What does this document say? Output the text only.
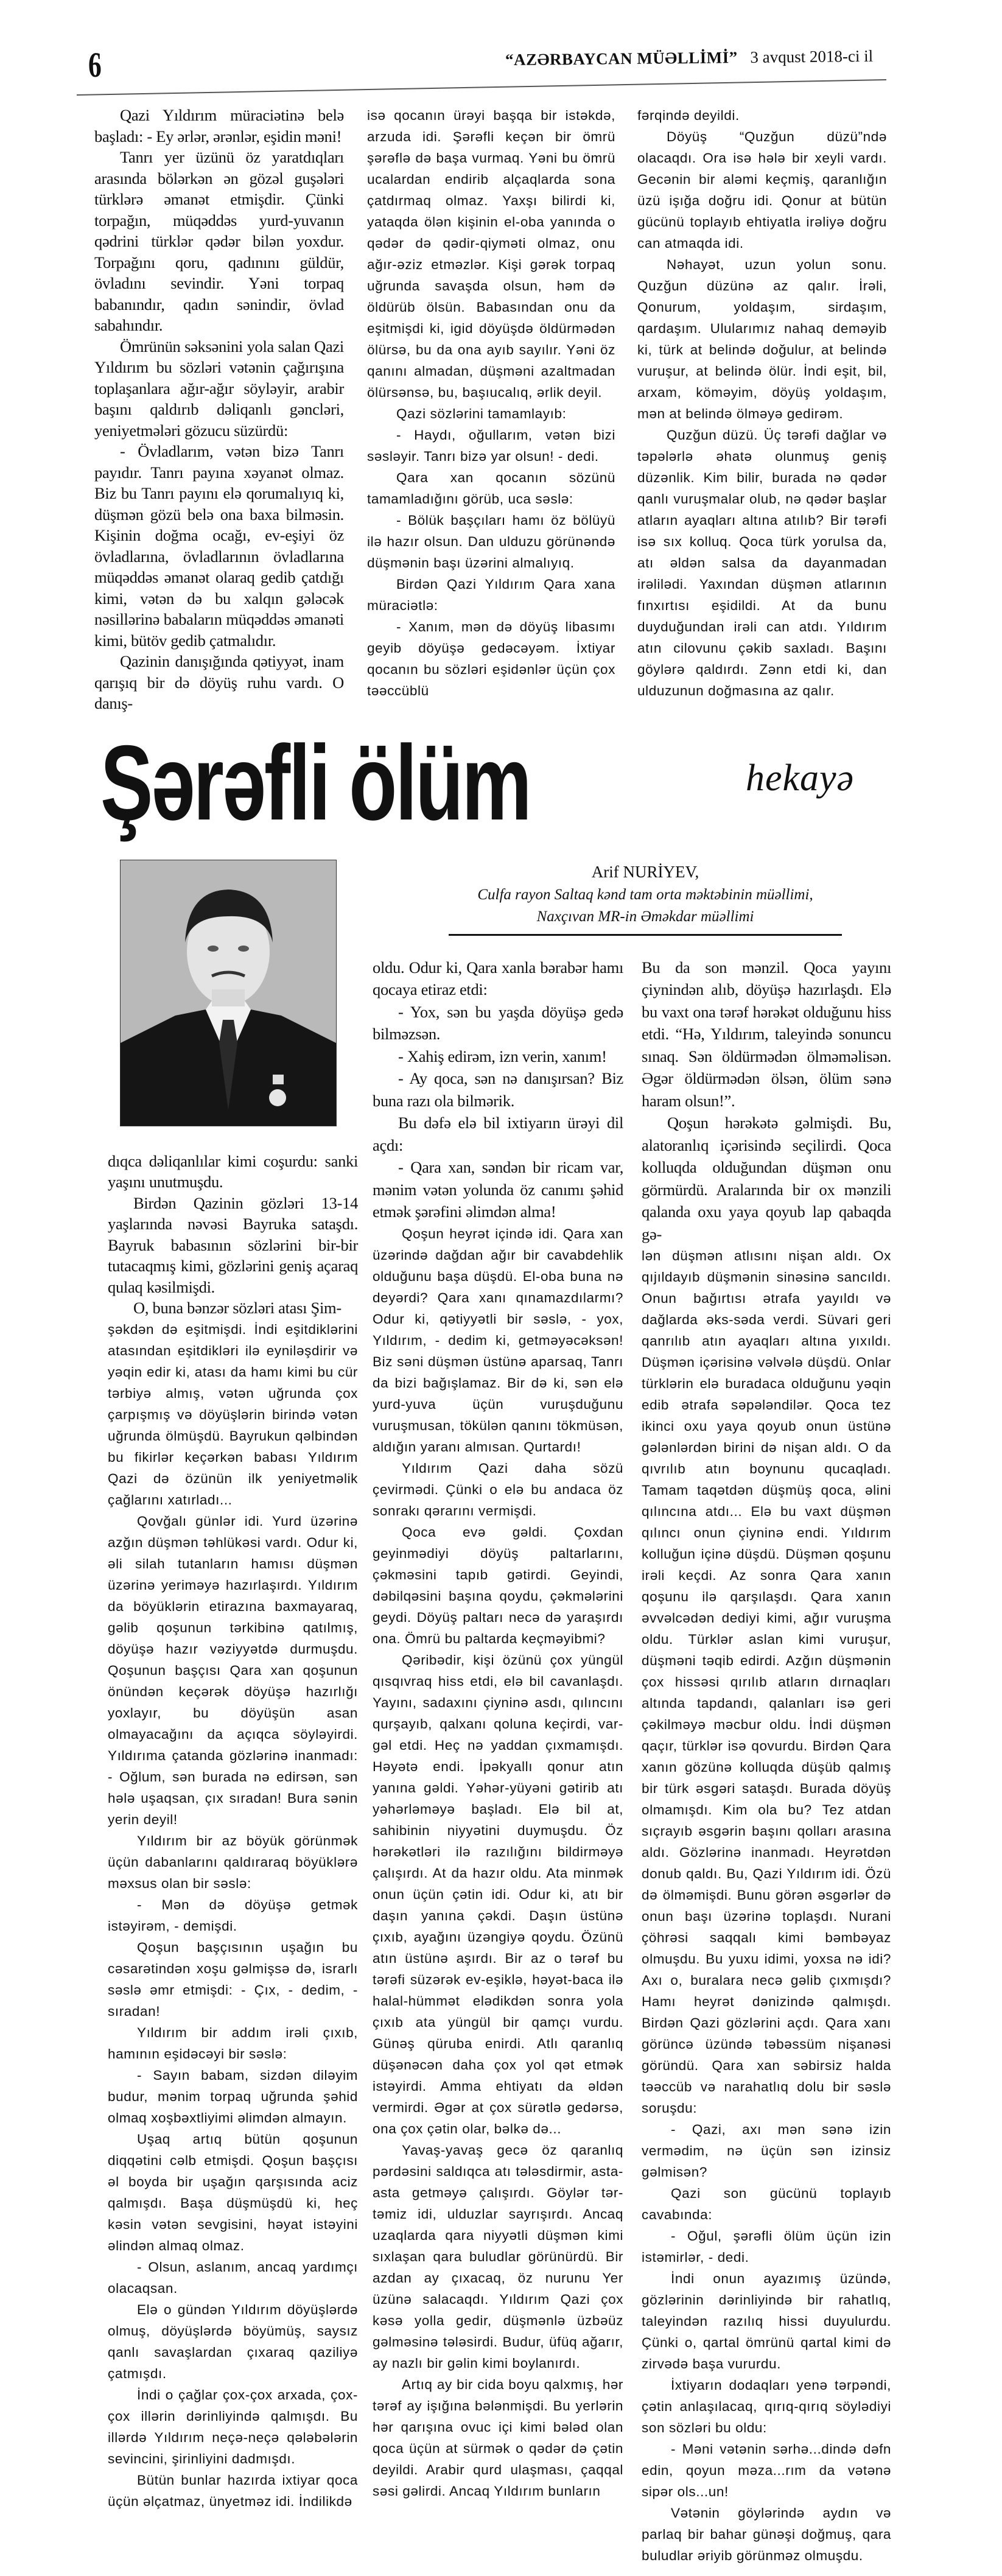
6	“AZƏRBAYCAN MÜƏLLİMİ” 3 avqust 2018-ci il

Qazi Yıldırım müraciətinə belə başladı: - Ey ərlər, ərənlər, eşidin məni!

Tanrı yer üzünü öz yaratdıqları arasında bölərkən ən gözəl guşələri türklərə əmanət etmişdir. Çünki torpağın, müqəddəs yurd-yuvanın qədrini türklər qədər bilən yoxdur. Torpağını qoru, qadınını güldür, övladını sevindir. Yəni torpaq babanındır, qadın sənindir, övlad sabahındır.

Ömrünün səksənini yola salan Qazi Yıldırım bu sözləri vətənin çağırışına toplaşanlara ağır-ağır söyləyir, arabir başını qaldırıb dəliqanlı gəncləri, yeniyetmələri gözucu süzürdü:

- Övladlarım, vətən bizə Tanrı payıdır. Tanrı payına xəyanət olmaz. Biz bu Tanrı payını elə qorumalıyıq ki, düşmən gözü belə ona baxa bilməsin. Kişinin doğma ocağı, ev-eşiyi öz övladlarına, övladlarının övladlarına müqəddəs əmanət olaraq gedib çatdığı kimi, vətən də bu xalqın gələcək nəsillərinə babaların müqəddəs əmanəti kimi, bütöv gedib çatmalıdır.

Qazinin danışığında qətiyyət, inam qarışıq bir də döyüş ruhu vardı. O danış-

isə qocanın ürəyi başqa bir istəkdə, arzuda idi. Şərəfli keçən bir ömrü şərəflə də başa vurmaq. Yəni bu ömrü ucalardan endirib alçaqlarda sona çatdırmaq olmaz. Yaxşı bilirdi ki, yataqda ölən kişinin el-oba yanında o qədər də qədir-qiyməti olmaz, onu ağır-əziz etməzlər. Kişi gərək torpaq uğrunda savaşda olsun, həm də öldürüb ölsün. Babasından onu da eşitmişdi ki, igid döyüşdə öldürmədən ölürsə, bu da ona ayıb sayılır. Yəni öz qanını almadan, düşməni azaltmadan ölürsənsə, bu, başıucalıq, ərlik deyil.

Qazi sözlərini tamamlayıb:

- Haydı, oğullarım, vətən bizi səsləyir. Tanrı bizə yar olsun! - dedi.

Qara xan qocanın sözünü tamamladığını görüb, uca səslə:

- Bölük başçıları hamı öz bölüyü ilə hazır olsun. Dan ulduzu görünəndə düşmənin başı üzərini almalıyıq.

Birdən Qazi Yıldırım Qara xana müraciətlə:

- Xanım, mən də döyüş libasımı geyib döyüşə gedəcəyəm. İxtiyar qocanın bu sözləri eşidənlər üçün çox təəccüblü

fərqində deyildi.

Döyüş “Quzğun düzü”ndə olacaqdı. Ora isə hələ bir xeyli vardı. Gecənin bir aləmi keçmiş, qaranlığın üzü işığa doğru idi. Qonur at bütün gücünü toplayıb ehtiyatla irəliyə doğru can atmaqda idi.

Nəhayət, uzun yolun sonu. Quzğun düzünə az qalır. İrəli, Qonurum, yoldaşım, sirdaşım, qardaşım. Ulularımız nahaq deməyib ki, türk at belində doğulur, at belində vuruşur, at belində ölür. İndi eşit, bil, arxam, köməyim, döyüş yoldaşım, mən at belində ölməyə gedirəm.

Quzğun düzü. Üç tərəfi dağlar və təpələrlə əhatə olunmuş geniş düzənlik. Kim bilir, burada nə qədər qanlı vuruşmalar olub, nə qədər başlar atların ayaqları altına atılıb? Bir tərəfi isə sıx kolluq. Qoca türk yorulsa da, atı əldən salsa da dayanmadan irəlilədi. Yaxından düşmən atlarının fınxırtısı eşidildi. At da bunu duyduğundan irəli can atdı. Yıldırım atın cilovunu çəkib saxladı. Başını göylərə qaldırdı. Zənn etdi ki, dan ulduzunun doğmasına az qalır.

Şərəfli ölüm	hekayə

dıqca dəliqanlılar kimi coşurdu: sanki yaşını unutmuşdu.

Birdən Qazinin gözləri 13-14 yaşlarında nəvəsi Bayruka sataşdı. Bayruk babasının sözlərini bir-bir tutacaqmış kimi, gözlərini geniş açaraq qulaq kəsilmişdi.

O, buna bənzər sözləri atası Şim-

şəkdən də eşitmişdi. İndi eşitdiklərini atasından eşitdikləri ilə eyniləşdirir və yəqin edir ki, atası da hamı kimi bu cür tərbiyə almış, vətən uğrunda çox çarpışmış və döyüşlərin birində vətən uğrunda ölmüşdü. Bayrukun qəlbindən bu fikirlər keçərkən babası Yıldırım Qazi də özünün ilk yeniyetməlik çağlarını xatırladı...

Qovğalı günlər idi. Yurd üzərinə azğın düşmən təhlükəsi vardı. Odur ki, əli silah tutanların hamısı düşmən üzərinə yeriməyə hazırlaşırdı. Yıldırım da böyüklərin etirazına baxmayaraq, gəlib qoşunun tərkibinə qatılmış, döyüşə hazır vəziyyətdə durmuşdu. Qoşunun başçısı Qara xan qoşunun önündən keçərək döyüşə hazırlığı yoxlayır, bu döyüşün asan olmayacağını da açıqca söyləyirdi. Yıldırıma çatanda gözlərinə inanmadı: - Oğlum, sən burada nə edirsən, sən hələ uşaqsan, çıx sıradan! Bura sənin yerin deyil!

Yıldırım bir az böyük görünmək üçün dabanlarını qaldıraraq böyüklərə məxsus olan bir səslə:

- Mən də döyüşə getmək istəyirəm, - demişdi.

Qoşun başçısının uşağın bu cəsarətindən xoşu gəlmişsə də, israrlı səslə əmr etmişdi: - Çıx, - dedim, - sıradan!

Yıldırım bir addım irəli çıxıb, hamının eşidəcəyi bir səslə:

- Sayın babam, sizdən diləyim budur, mənim torpaq uğrunda şəhid olmaq xoşbəxtliyimi əlimdən almayın.

Uşaq artıq bütün qoşunun diqqətini cəlb etmişdi. Qoşun başçısı əl boyda bir uşağın qarşısında aciz qalmışdı. Başa düşmüşdü ki, heç kəsin vətən sevgisini, həyat istəyini əlindən almaq olmaz.

- Olsun, aslanım, ancaq yardımçı olacaqsan.

Elə o gündən Yıldırım döyüşlərdə olmuş, döyüşlərdə böyümüş, saysız qanlı savaşlardan çıxaraq qaziliyə çatmışdı.

İndi o çağlar çox-çox arxada, çox-çox illərin dərinliyində qalmışdı. Bu illərdə Yıldırım neçə-neçə qələbələrin sevincini, şirinliyini dadmışdı.

Bütün bunlar hazırda ixtiyar qoca üçün əlçatmaz, ünyetməz idi. İndilikdə

Arif NURİYEV,
Culfa rayon Saltaq kənd tam orta məktəbinin müəllimi,
Naxçıvan MR-in Əməkdar müəllimi

oldu. Odur ki, Qara xanla bərabər hamı qocaya etiraz etdi:

- Yox, sən bu yaşda döyüşə gedə bilməzsən.

- Xahiş edirəm, izn verin, xanım!

- Ay qoca, sən nə danışırsan? Biz buna razı ola bilmərik.

Bu dəfə elə bil ixtiyarın ürəyi dil açdı:

- Qara xan, səndən bir ricam var, mənim vətən yolunda öz canımı şəhid etmək şərəfini əlimdən alma!

Qoşun heyrət içində idi. Qara xan üzərində dağdan ağır bir cavabdehlik olduğunu başa düşdü. El-oba buna nə deyərdi? Qara xanı qınamazdılarmı? Odur ki, qətiyyətli bir səslə, - yox, Yıldırım, - dedim ki, getməyəcəksən! Biz səni düşmən üstünə aparsaq, Tanrı da bizi bağışlamaz. Bir də ki, sən elə yurd-yuva üçün vuruşduğunu vuruşmusan, tökülən qanını tökmüsən, aldığın yaranı almısan. Qurtardı!

Yıldırım Qazi daha sözü çevirmədi. Çünki o elə bu andaca öz sonrakı qərarını vermişdi.

Qoca evə gəldi. Çoxdan geyinmədiyi döyüş paltarlarını, çəkməsini tapıb gətirdi. Geyindi, dəbilqəsini başına qoydu, çəkmələrini geydi. Döyüş paltarı necə də yaraşırdı ona. Ömrü bu paltarda keçməyibmi?

Qəribədir, kişi özünü çox yüngül qısqıvraq hiss etdi, elə bil cavanlaşdı. Yayını, sadaxını çiyninə asdı, qılıncını qurşayıb, qalxanı qoluna keçirdi, var-gəl etdi. Heç nə yaddan çıxmamışdı. Həyətə endi. İpəkyallı qonur atın yanına gəldi. Yəhər-yüyəni gətirib atı yəhərləməyə başladı. Elə bil at, sahibinin niyyətini duymuşdu. Öz hərəkətləri ilə razılığını bildirməyə çalışırdı. At da hazır oldu. Ata minmək onun üçün çətin idi. Odur ki, atı bir daşın yanına çəkdi. Daşın üstünə çıxıb, ayağını üzəngiyə qoydu. Özünü atın üstünə aşırdı. Bir az o tərəf bu tərəfi süzərək ev-eşiklə, həyət-baca ilə halal-hümmət elədikdən sonra yola çıxıb ata yüngül bir qamçı vurdu. Günəş qüruba enirdi. Atlı qaranlıq düşənəcən daha çox yol qət etmək istəyirdi. Amma ehtiyatı da əldən vermirdi. Əgər at çox sürətlə gedərsə, ona çox çətin olar, bəlkə də...

Yavaş-yavaş gecə öz qaranlıq pərdəsini saldıqca atı tələsdirmir, asta-asta getməyə çalışırdı. Göylər tər-təmiz idi, ulduzlar sayrışırdı. Ancaq uzaqlarda qara niyyətli düşmən kimi sıxlaşan qara buludlar görünürdü. Bir azdan ay çıxacaq, öz nurunu Yer üzünə salacaqdı. Yıldırım Qazi çox kəsə yolla gedir, düşmənlə üzbəüz gəlməsinə tələsirdi. Budur, üfüq ağarır, ay nazlı bir gəlin kimi boylanırdı.

Artıq ay bir cida boyu qalxmış, hər tərəf ay işığına bələnmişdi. Bu yerlərin hər qarışına ovuc içi kimi bələd olan qoca üçün at sürmək o qədər də çətin deyildi. Arabir qurd ulaşması, çaqqal səsi gəlirdi. Ancaq Yıldırım bunların

Bu da son mənzil. Qoca yayını çiynindən alıb, döyüşə hazırlaşdı. Elə bu vaxt ona tərəf hərəkət olduğunu hiss etdi. “Hə, Yıldırım, taleyində sonuncu sınaq. Sən öldürmədən ölməməlisən. Əgər öldürmədən ölsən, ölüm sənə haram olsun!”.

Qoşun hərəkətə gəlmişdi. Bu, alatoranlıq içərisində seçilirdi. Qoca kolluqda olduğundan düşmən onu görmürdü. Aralarında bir ox mənzili qalanda oxu yaya qoyub lap qabaqda gə-

lən düşmən atlısını nişan aldı. Ox qıjıldayıb düşmənin sinəsinə sancıldı. Onun bağırtısı ətrafa yayıldı və dağlarda əks-səda verdi. Süvari geri qanrılıb atın ayaqları altına yıxıldı. Düşmən içərisinə vəlvələ düşdü. Onlar türklərin elə buradaca olduğunu yəqin edib ətrafa səpələndilər. Qoca tez ikinci oxu yaya qoyub onun üstünə gələnlərdən birini də nişan aldı. O da qıvrılıb atın boynunu qucaqladı. Tamam taqətdən düşmüş qoca, əlini qılıncına atdı... Elə bu vaxt düşmən qılıncı onun çiyninə endi. Yıldırım kolluğun içinə düşdü. Düşmən qoşunu irəli keçdi. Az sonra Qara xanın qoşunu ilə qarşılaşdı. Qara xanın əvvəlcədən dediyi kimi, ağır vuruşma oldu. Türklər aslan kimi vuruşur, düşməni təqib edirdi. Azğın düşmənin çox hissəsi qırılıb atların dırnaqları altında tapdandı, qalanları isə geri çəkilməyə məcbur oldu. İndi düşmən qaçır, türklər isə qovurdu. Birdən Qara xanın gözünə kolluqda düşüb qalmış bir türk əsgəri sataşdı. Burada döyüş olmamışdı. Kim ola bu? Tez atdan sıçrayıb əsgərin başını qolları arasına aldı. Gözlərinə inanmadı. Heyrətdən donub qaldı. Bu, Qazi Yıldırım idi. Özü də ölməmişdi. Bunu görən əsgərlər də onun başı üzərinə toplaşdı. Nurani çöhrəsi saqqalı kimi bəmbəyaz olmuşdu. Bu yuxu idimi, yoxsa nə idi? Axı o, buralara necə gəlib çıxmışdı? Hamı heyrət dənizində qalmışdı. Birdən Qazi gözlərini açdı. Qara xanı görüncə üzündə təbəssüm nişanəsi göründü. Qara xan səbirsiz halda təəccüb və narahatlıq dolu bir səslə soruşdu:

- Qazi, axı mən sənə izin vermədim, nə üçün sən izinsiz gəlmisən?

Qazi son gücünü toplayıb cavabında:

- Oğul, şərəfli ölüm üçün izin istəmirlər, - dedi.

İndi onun ayazımış üzündə, gözlərinin dərinliyində bir rahatlıq, taleyindən razılıq hissi duyulurdu. Çünki o, qartal ömrünü qartal kimi də zirvədə başa vururdu.

İxtiyarın dodaqları yenə tərpəndi, çətin anlaşılacaq, qırıq-qırıq söylədiyi son sözləri bu oldu:

- Məni vətənin sərhə...dində dəfn edin, qoyun məza...rım da vətənə sipər ols...un!

Vətənin göylərində aydın və parlaq bir bahar günəşi doğmuş, qara buludlar əriyib görünməz olmuşdu.
